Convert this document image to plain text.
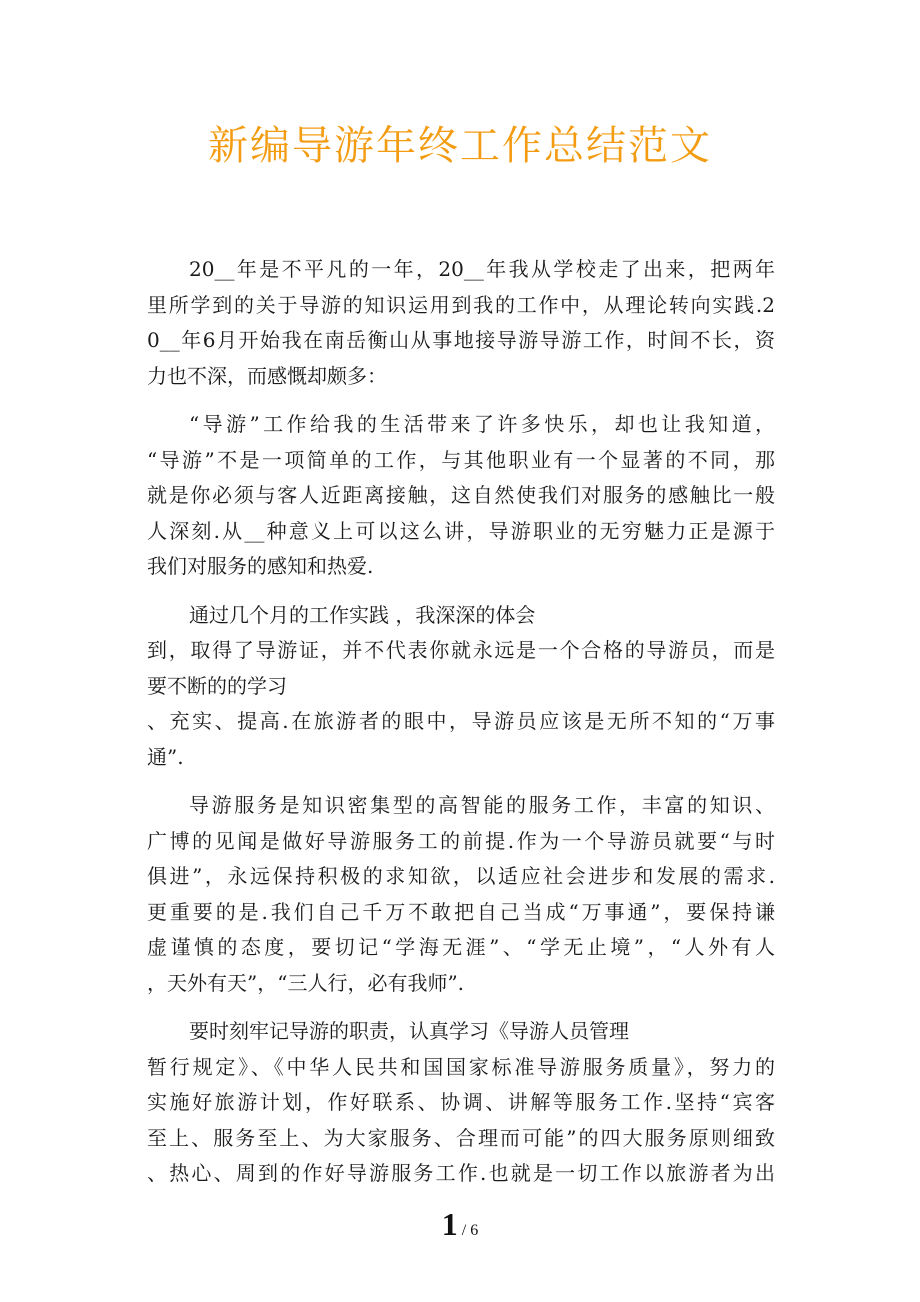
新编导游年终工作总结范文
20__年是不平凡的一年，20__年我从学校走了出来，把两年
里所学到的关于导游的知识运用到我的工作中，从理论转向实践.2
0__年6月开始我在南岳衡山从事地接导游导游工作，时间不长，资
力也不深，而感慨却颇多：
“导游”工作给我的生活带来了许多快乐，却也让我知道，
“导游”不是一项简单的工作，与其他职业有一个显著的不同，那
就是你必须与客人近距离接触，这自然使我们对服务的感触比一般
人深刻.从__种意义上可以这么讲，导游职业的无穷魅力正是源于
我们对服务的感知和热爱.
通过几个月的工作实践 ，我深深的体会
到，取得了导游证，并不代表你就永远是一个合格的导游员，而是
要不断的的学习
、充实、提高.在旅游者的眼中，导游员应该是无所不知的“万事
通”.
导游服务是知识密集型的高智能的服务工作，丰富的知识、
广博的见闻是做好导游服务工的前提.作为一个导游员就要“与时
俱进”，永远保持积极的求知欲，以适应社会进步和发展的需求.
更重要的是.我们自己千万不敢把自己当成“万事通”，要保持谦
虚谨慎的态度，要切记“学海无涯”、“学无止境”，“人外有人
，天外有天”，“三人行，必有我师”.
要时刻牢记导游的职责，认真学习《导游人员管理
暂行规定》、《中华人民共和国国家标准导游服务质量》，努力的
实施好旅游计划，作好联系、协调、讲解等服务工作.坚持“宾客
至上、服务至上、为大家服务、合理而可能”的四大服务原则细致
、热心、周到的作好导游服务工作.也就是一切工作以旅游者为出
1 / 6
